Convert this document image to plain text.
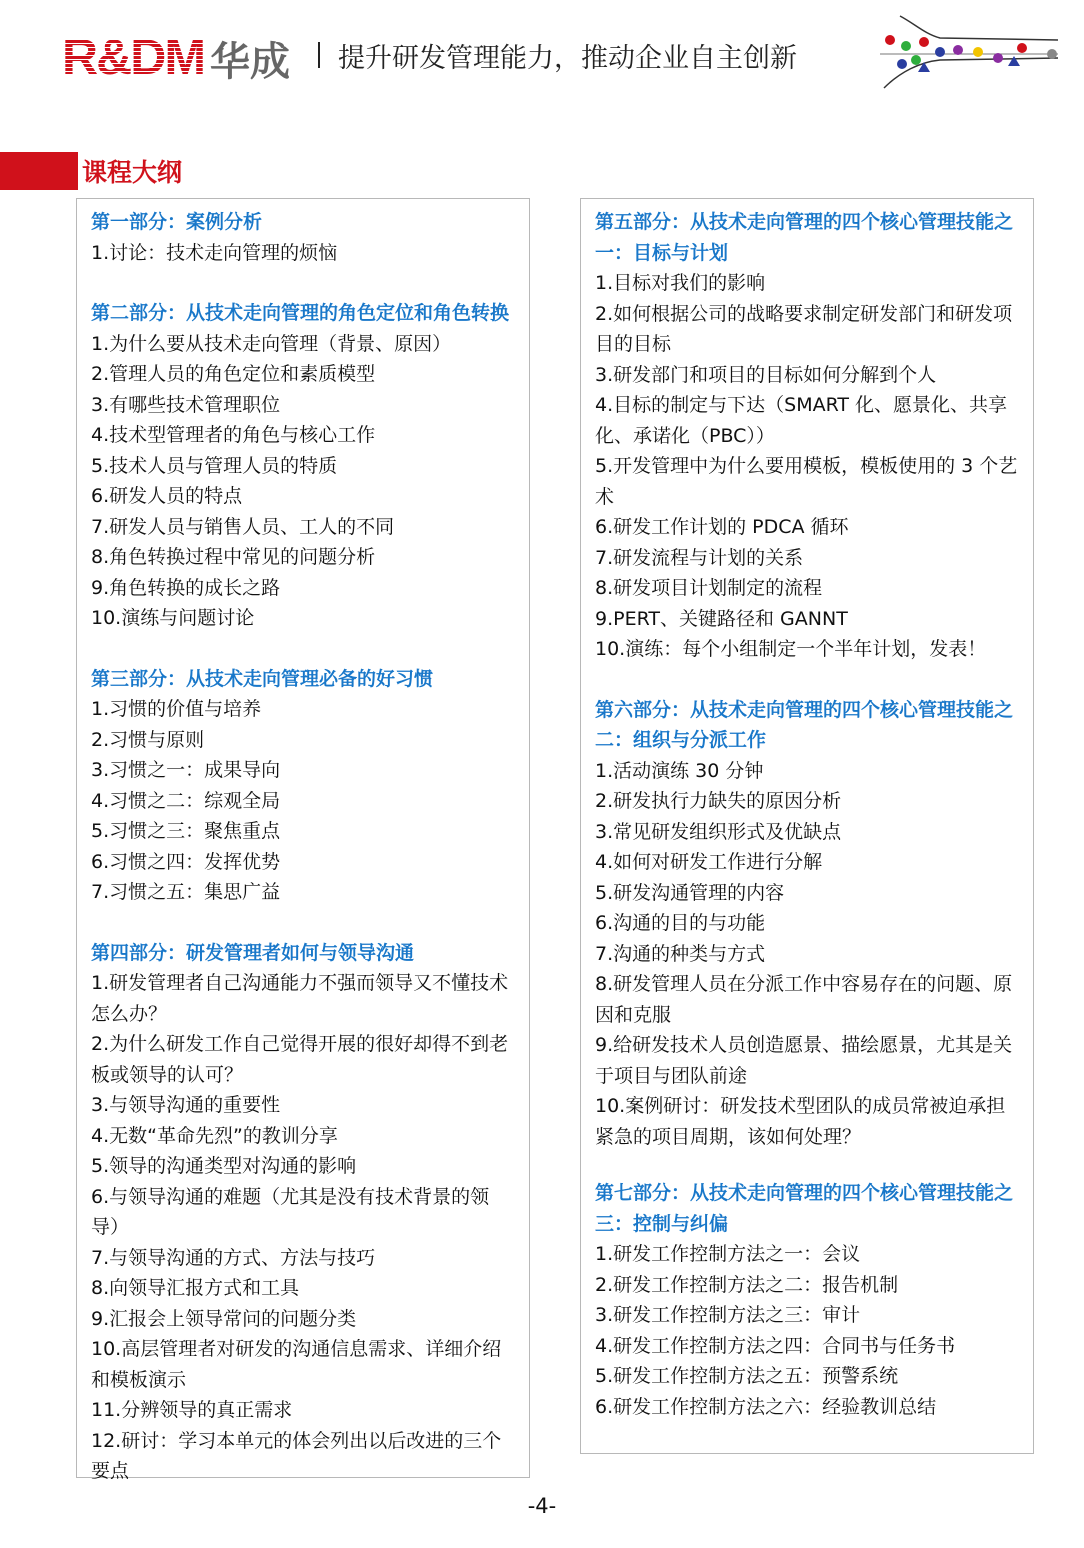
R&DM 华成 提升研发管理能力，推动企业自主创新
课程大纲
第一部分：案例分析
1.讨论：技术走向管理的烦恼
第二部分：从技术走向管理的角色定位和角色转换
1.为什么要从技术走向管理（背景、原因）
2.管理人员的角色定位和素质模型
3.有哪些技术管理职位
4.技术型管理者的角色与核心工作
5.技术人员与管理人员的特质
6.研发人员的特点
7.研发人员与销售人员、工人的不同
8.角色转换过程中常见的问题分析
9.角色转换的成长之路
10.演练与问题讨论
第三部分：从技术走向管理必备的好习惯
1.习惯的价值与培养
2.习惯与原则
3.习惯之一：成果导向
4.习惯之二：综观全局
5.习惯之三：聚焦重点
6.习惯之四：发挥优势
7.习惯之五：集思广益
第四部分：研发管理者如何与领导沟通
1.研发管理者自己沟通能力不强而领导又不懂技术怎么办？
2.为什么研发工作自己觉得开展的很好却得不到老板或领导的认可？
3.与领导沟通的重要性
4.无数“革命先烈”的教训分享
5.领导的沟通类型对沟通的影响
6.与领导沟通的难题（尤其是没有技术背景的领导）
7.与领导沟通的方式、方法与技巧
8.向领导汇报方式和工具
9.汇报会上领导常问的问题分类
10.高层管理者对研发的沟通信息需求、详细介绍和模板演示
11.分辨领导的真正需求
12.研讨：学习本单元的体会列出以后改进的三个要点
第五部分：从技术走向管理的四个核心管理技能之一：目标与计划
1.目标对我们的影响
2.如何根据公司的战略要求制定研发部门和研发项目的目标
3.研发部门和项目的目标如何分解到个人
4.目标的制定与下达（SMART 化、愿景化、共享化、承诺化（PBC））
5.开发管理中为什么要用模板，模板使用的 3 个艺术
6.研发工作计划的 PDCA 循环
7.研发流程与计划的关系
8.研发项目计划制定的流程
9.PERT、关键路径和 GANNT
10.演练：每个小组制定一个半年计划，发表！
第六部分：从技术走向管理的四个核心管理技能之二：组织与分派工作
1.活动演练 30 分钟
2.研发执行力缺失的原因分析
3.常见研发组织形式及优缺点
4.如何对研发工作进行分解
5.研发沟通管理的内容
6.沟通的目的与功能
7.沟通的种类与方式
8.研发管理人员在分派工作中容易存在的问题、原因和克服
9.给研发技术人员创造愿景、描绘愿景，尤其是关于项目与团队前途
10.案例研讨：研发技术型团队的成员常被迫承担紧急的项目周期，该如何处理？
第七部分：从技术走向管理的四个核心管理技能之三：控制与纠偏
1.研发工作控制方法之一：会议
2.研发工作控制方法之二：报告机制
3.研发工作控制方法之三：审计
4.研发工作控制方法之四：合同书与任务书
5.研发工作控制方法之五：预警系统
6.研发工作控制方法之六：经验教训总结
-4-
